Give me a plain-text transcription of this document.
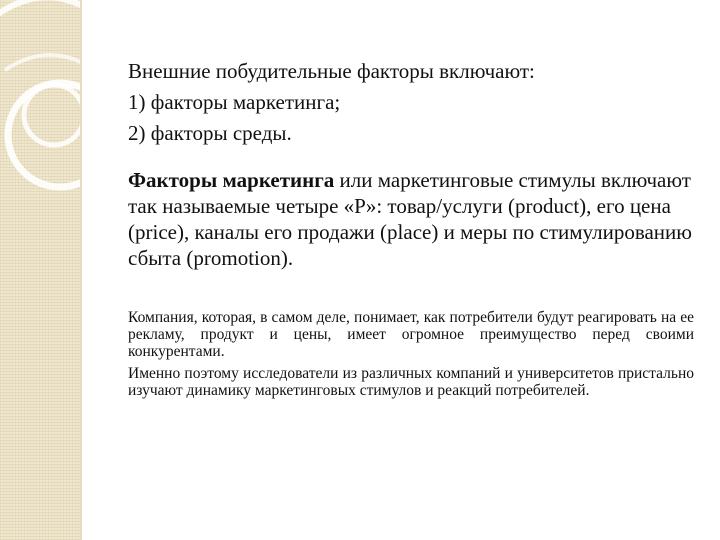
Внешние побудительные факторы включают:

1) факторы маркетинга;

2) факторы среды.

Факторы маркетинга или маркетинговые стимулы включают так называемые четыре «P»: товар/услуги (product), его цена (price), каналы его продажи (place) и меры по стимулированию сбыта (promotion).

Компания, которая, в самом деле, понимает, как потребители будут реагировать на ее рекламу, продукт и цены, имеет огромное преимущество перед своими конкурентами.

Именно поэтому исследователи из различных компаний и университетов пристально изучают динамику маркетинговых стимулов и реакций потребителей.
